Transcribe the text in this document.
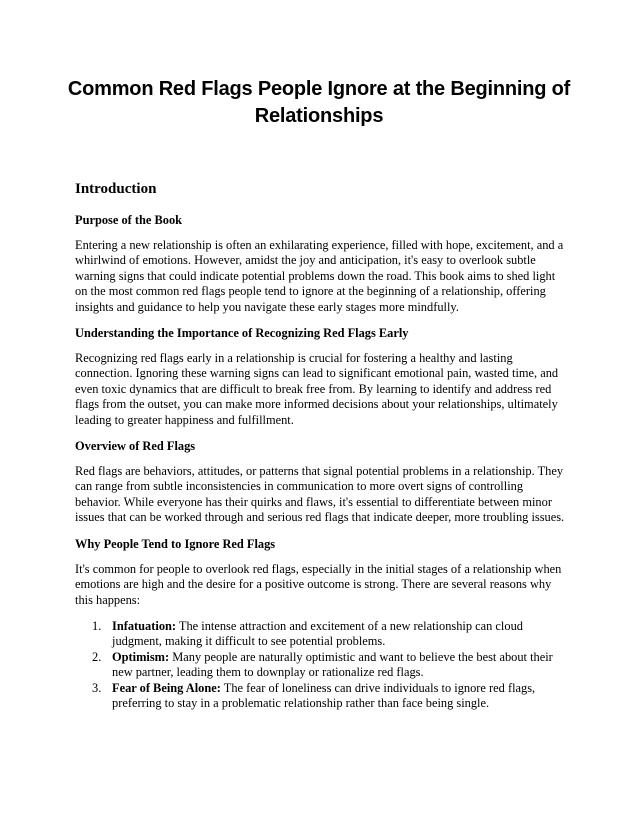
Common Red Flags People Ignore at the Beginning of Relationships
Introduction
Purpose of the Book

Entering a new relationship is often an exhilarating experience, filled with hope, excitement, and a whirlwind of emotions. However, amidst the joy and anticipation, it's easy to overlook subtle warning signs that could indicate potential problems down the road. This book aims to shed light on the most common red flags people tend to ignore at the beginning of a relationship, offering insights and guidance to help you navigate these early stages more mindfully.

Understanding the Importance of Recognizing Red Flags Early

Recognizing red flags early in a relationship is crucial for fostering a healthy and lasting connection. Ignoring these warning signs can lead to significant emotional pain, wasted time, and even toxic dynamics that are difficult to break free from. By learning to identify and address red flags from the outset, you can make more informed decisions about your relationships, ultimately leading to greater happiness and fulfillment.

Overview of Red Flags

Red flags are behaviors, attitudes, or patterns that signal potential problems in a relationship. They can range from subtle inconsistencies in communication to more overt signs of controlling behavior. While everyone has their quirks and flaws, it's essential to differentiate between minor issues that can be worked through and serious red flags that indicate deeper, more troubling issues.

Why People Tend to Ignore Red Flags

It's common for people to overlook red flags, especially in the initial stages of a relationship when emotions are high and the desire for a positive outcome is strong. There are several reasons why this happens:

1. Infatuation: The intense attraction and excitement of a new relationship can cloud judgment, making it difficult to see potential problems.
2. Optimism: Many people are naturally optimistic and want to believe the best about their new partner, leading them to downplay or rationalize red flags.
3. Fear of Being Alone: The fear of loneliness can drive individuals to ignore red flags, preferring to stay in a problematic relationship rather than face being single.
